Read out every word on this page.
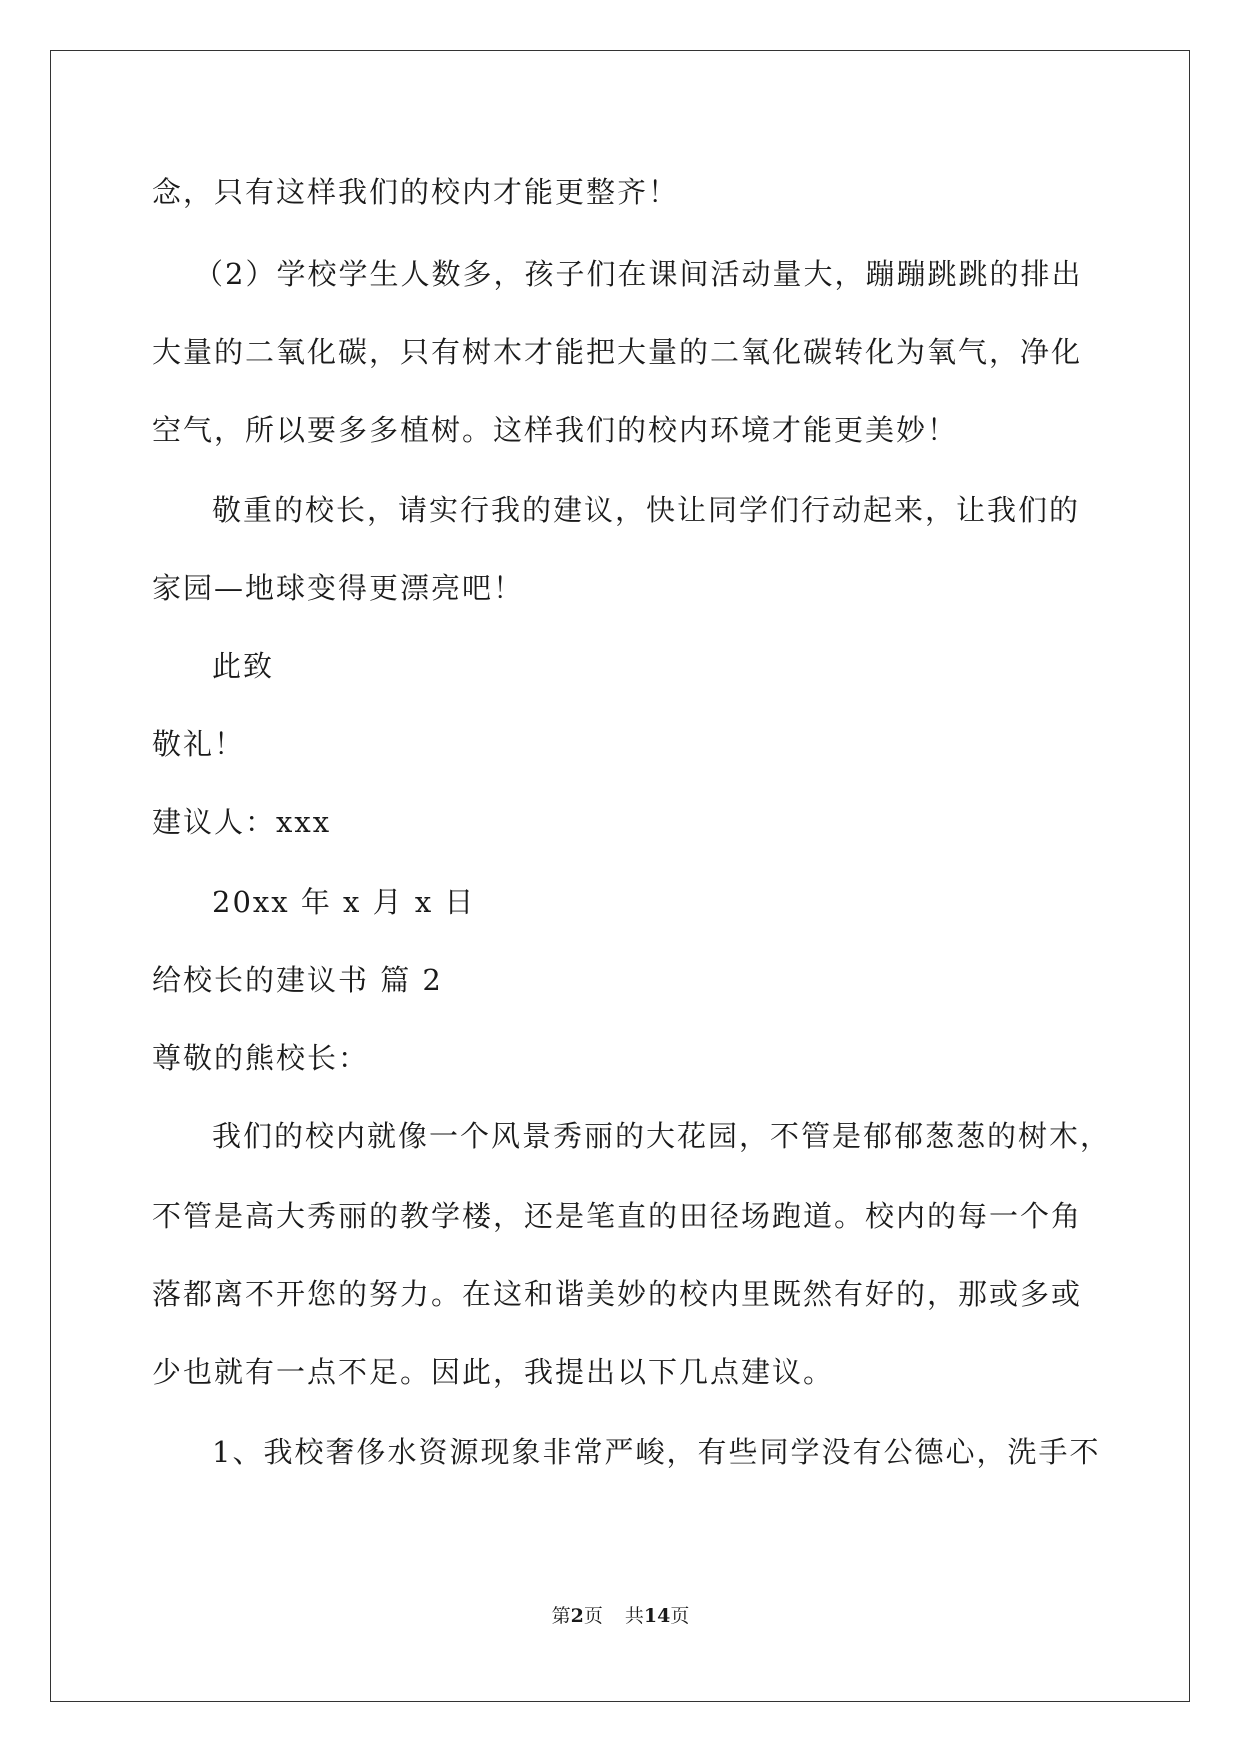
念，只有这样我们的校内才能更整齐！
（2）学校学生人数多，孩子们在课间活动量大，蹦蹦跳跳的排出
大量的二氧化碳，只有树木才能把大量的二氧化碳转化为氧气，净化
空气，所以要多多植树。这样我们的校内环境才能更美妙！
敬重的校长，请实行我的建议，快让同学们行动起来，让我们的
家园—地球变得更漂亮吧！
此致
敬礼！
建议人：xxx
20xx 年 x 月 x 日
给校长的建议书 篇 2
尊敬的熊校长：
我们的校内就像一个风景秀丽的大花园，不管是郁郁葱葱的树木，
不管是高大秀丽的教学楼，还是笔直的田径场跑道。校内的每一个角
落都离不开您的努力。在这和谐美妙的校内里既然有好的，那或多或
少也就有一点不足。因此，我提出以下几点建议。
1、我校奢侈水资源现象非常严峻，有些同学没有公德心，洗手不
第2页 共14页
